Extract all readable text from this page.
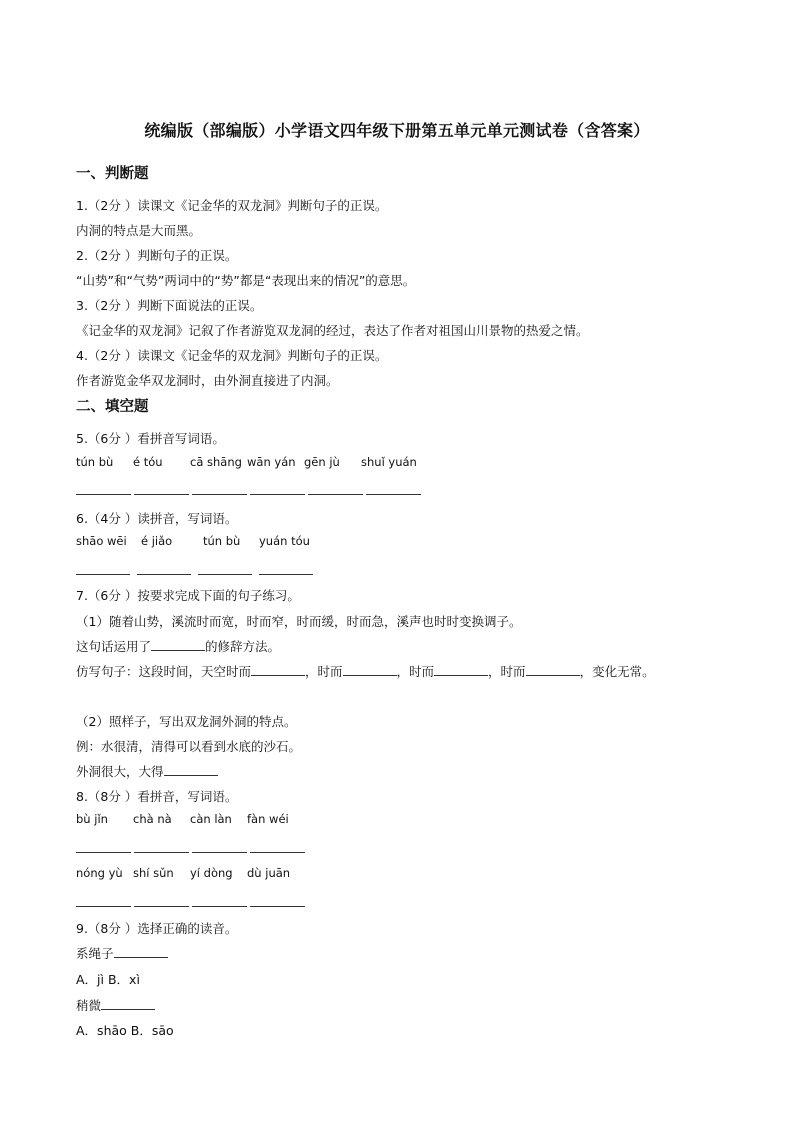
统编版（部编版）小学语文四年级下册第五单元单元测试卷（含答案）
一、判断题
1.（2分 ）读课文《记金华的双龙洞》判断句子的正误。
内洞的特点是大而黑。
2.（2分 ）判断句子的正误。
“山势”和“气势”两词中的“势”都是“表现出来的情况”的意思。
3.（2分 ）判断下面说法的正误。
《记金华的双龙洞》记叙了作者游览双龙洞的经过，表达了作者对祖国山川景物的热爱之情。
4.（2分 ）读课文《记金华的双龙洞》判断句子的正误。
作者游览金华双龙洞时，由外洞直接进了内洞。
二、填空题
5.（6分 ）看拼音写词语。
tún bù é tóu cā shāng wān yán gēn jù shuǐ yuán
6.（4分 ）读拼音，写词语。
shāo wēi é jiǎo	tún bù yuán tóu
7.（6分 ）按要求完成下面的句子练习。
（1）随着山势，溪流时而宽，时而窄，时而缓，时而急，溪声也时时变换调子。
这句话运用了	的修辞方法。
仿写句子：这段时间，天空时而	，时而	，时而	，时而	，变化无常。
（2）照样子，写出双龙洞外洞的特点。
例：水很清，清得可以看到水底的沙石。
外洞很大，大得
8.（8分 ）看拼音，写词语。
bù jǐn chà nà càn làn fàn wéi
nóng yù shí sǔn yí dòng dù juān
9.（8分 ）选择正确的读音。
系绳子
A．jì B．xì
稍微
A．shāo B．sāo
